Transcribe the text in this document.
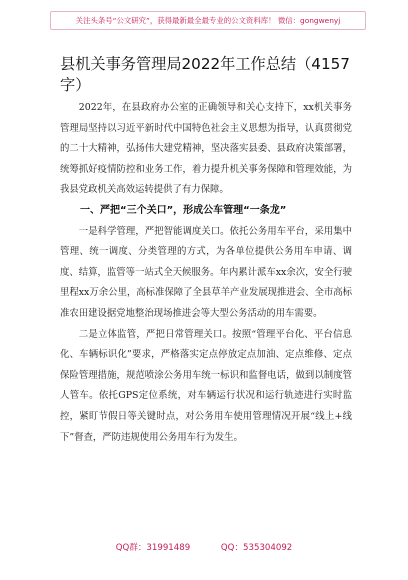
关注头条号“公文研究”，获得最新最全最专业的公文资料库！ 微信：gongwenyj
县机关事务管理局2022年工作总结（4157字）

2022年，在县政府办公室的正确领导和关心支持下，xx机关事务管理局坚持以习近平新时代中国特色社会主义思想为指导，认真贯彻党的二十大精神，弘扬伟大建党精神，坚决落实县委、县政府决策部署，统筹抓好疫情防控和业务工作，着力提升机关事务保障和管理效能，为我县党政机关高效运转提供了有力保障。

一、严把“三个关口”，形成公车管理“一条龙”

一是科学管理，严把智能调度关口。依托公务用车平台，采用集中管理、统一调度、分类管理的方式，为各单位提供公务用车申请、调度、结算，监管等一站式全天候服务。年内累计派车xx余次，安全行驶里程xx万余公里，高标准保障了全县草羊产业发展现推进会、全市高标准农田建设据党地整治现场推进会等大型公务活动的用车需要。

二是立体监管，严把日常管理关口。按照“管理平台化、平台信息化、车辆标识化”要求，严格落实定点停放定点加油、定点维修、定点保险管理措施，规范喷涂公务用车统一标识和监督电话，做到以制度管人管车。依托GPS定位系统，对车辆运行状况和运行轨迹进行实时监控，紧盯节假日等关键时点，对公务用车使用管理情况开展“线上+线下”督查，严防违规使用公务用车行为发生。

QQ群：31991489	QQ：535304092
